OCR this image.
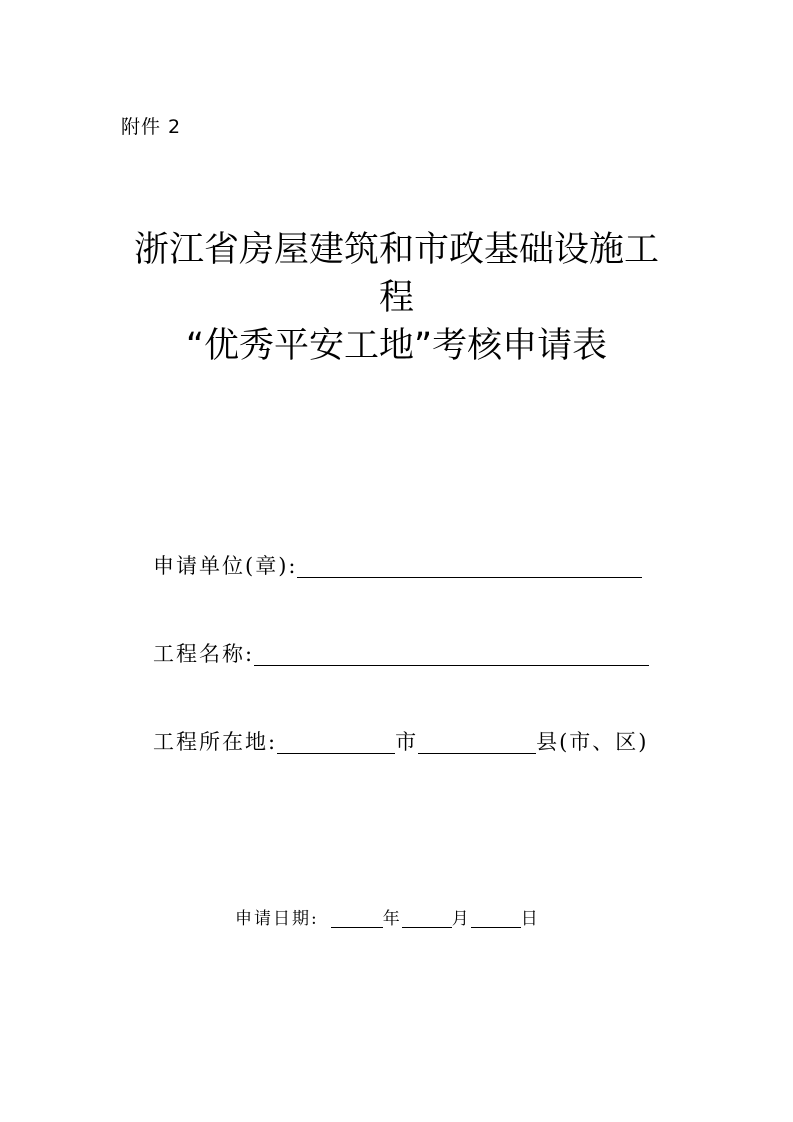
附件 2
浙江省房屋建筑和市政基础设施工
程
“优秀平安工地”考核申请表
申请单位(章):
工程名称:
工程所在地:	市	县(市、区)
申请日期:	年	月	日
